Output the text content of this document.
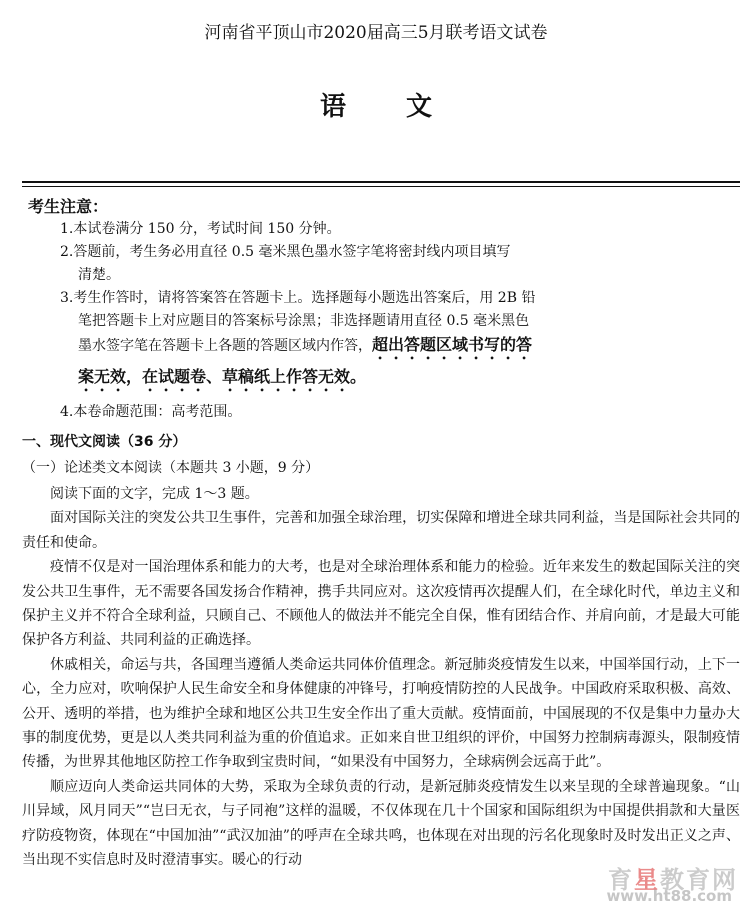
河南省平顶山市2020届高三5月联考语文试卷
语文
考生注意：
1.本试卷满分 150 分，考试时间 150 分钟。
2.答题前，考生务必用直径 0.5 毫米黑色墨水签字笔将密封线内项目填写
清楚。
3.考生作答时，请将答案答在答题卡上。选择题每小题选出答案后，用 2B 铅
笔把答题卡上对应题目的答案标号涂黑；非选择题请用直径 0.5 毫米黑色
墨水签字笔在答题卡上各题的答题区域内作答，超出答题区域书写的答
案无效，在试题卷、草稿纸上作答无效。
4.本卷命题范围：高考范围。
一、现代文阅读（36 分）
（一）论述类文本阅读（本题共 3 小题，9 分）

阅读下面的文字，完成 1～3 题。

面对国际关注的突发公共卫生事件，完善和加强全球治理，切实保障和增进全球共同利益，当是国际社会共同的责任和使命。

疫情不仅是对一国治理体系和能力的大考，也是对全球治理体系和能力的检验。近年来发生的数起国际关注的突发公共卫生事件，无不需要各国发扬合作精神，携手共同应对。这次疫情再次提醒人们，在全球化时代，单边主义和保护主义并不符合全球利益，只顾自己、不顾他人的做法并不能完全自保，惟有团结合作、并肩向前，才是最大可能保护各方利益、共同利益的正确选择。

休戚相关，命运与共，各国理当遵循人类命运共同体价值理念。新冠肺炎疫情发生以来，中国举国行动，上下一心，全力应对，吹响保护人民生命安全和身体健康的冲锋号，打响疫情防控的人民战争。中国政府采取积极、高效、公开、透明的举措，也为维护全球和地区公共卫生安全作出了重大贡献。疫情面前，中国展现的不仅是集中力量办大事的制度优势，更是以人类共同利益为重的价值追求。正如来自世卫组织的评价，中国努力控制病毒源头，限制疫情传播，为世界其他地区防控工作争取到宝贵时间，“如果没有中国努力，全球病例会远高于此”。

顺应迈向人类命运共同体的大势，采取为全球负责的行动，是新冠肺炎疫情发生以来呈现的全球普遍现象。“山川异域，风月同天”“岂曰无衣，与子同袍”这样的温暖，不仅体现在几十个国家和国际组织为中国提供捐款和大量医疗防疫物资，体现在“中国加油”“武汉加油”的呼声在全球共鸣，也体现在对出现的污名化现象时及时发出正义之声、当出现不实信息时及时澄清事实。暖心的行动

育星教育网
www.ht88.com
